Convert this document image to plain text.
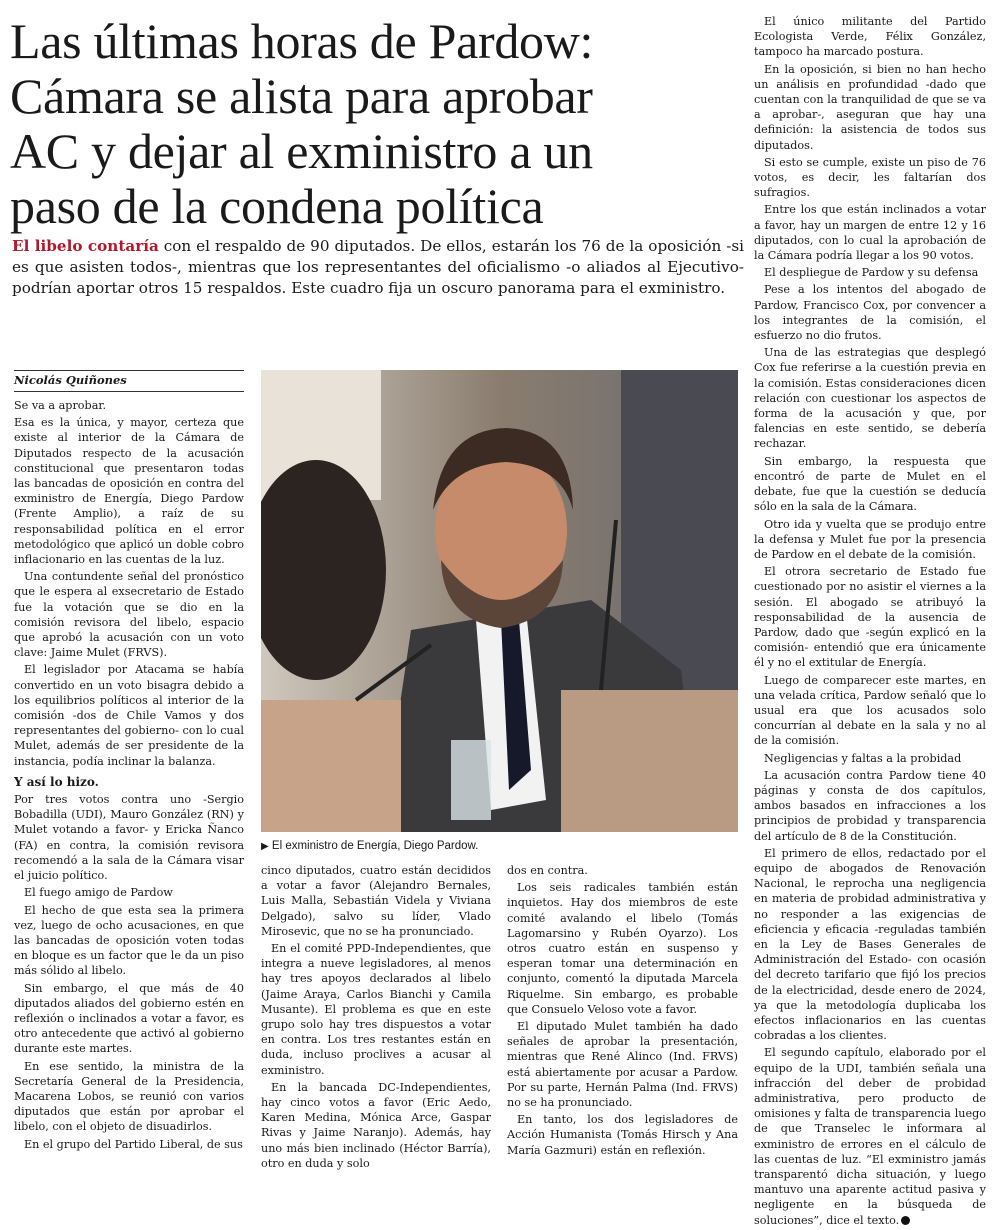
Las últimas horas de Pardow:
Cámara se alista para aprobar
AC y dejar al exministro a un
paso de la condena política

El libelo contaría con el respaldo de 90 diputados. De ellos, estarán los 76 de la oposición -si es que asisten todos-, mientras que los representantes del oficialismo -o aliados al Ejecutivo- podrían aportar otros 15 respaldos. Este cuadro fija un oscuro panorama para el exministro.

Nicolás Quiñones

Se va a aprobar.

Esa es la única, y mayor, certeza que existe al interior de la Cámara de Diputados respecto de la acusación constitucional que presentaron todas las bancadas de oposición en contra del exministro de Energía, Diego Pardow (Frente Amplio), a raíz de su responsabilidad política en el error metodológico que aplicó un doble cobro inflacionario en las cuentas de la luz.

Una contundente señal del pronóstico que le espera al exsecretario de Estado fue la votación que se dio en la comisión revisora del libelo, espacio que aprobó la acusación con un voto clave: Jaime Mulet (FRVS).

El legislador por Atacama se había convertido en un voto bisagra debido a los equilibrios políticos al interior de la comisión -dos de Chile Vamos y dos representantes del gobierno- con lo cual Mulet, además de ser presidente de la instancia, podía inclinar la balanza.

Y así lo hizo.

Por tres votos contra uno -Sergio Bobadilla (UDI), Mauro González (RN) y Mulet votando a favor- y Ericka Ñanco (FA) en contra, la comisión revisora recomendó a la sala de la Cámara visar el juicio político.

El fuego amigo de Pardow

El hecho de que esta sea la primera vez, luego de ocho acusaciones, en que las bancadas de oposición voten todas en bloque es un factor que le da un piso más sólido al libelo.

Sin embargo, el que más de 40 diputados aliados del gobierno estén en reflexión o inclinados a votar a favor, es otro antecedente que activó al gobierno durante este martes.

En ese sentido, la ministra de la Secretaría General de la Presidencia, Macarena Lobos, se reunió con varios diputados que están por aprobar el libelo, con el objeto de disuadirlos.

En el grupo del Partido Liberal, de sus

▶ El exministro de Energía, Diego Pardow.

cinco diputados, cuatro están decididos a votar a favor (Alejandro Bernales, Luis Malla, Sebastián Videla y Viviana Delgado), salvo su líder, Vlado Mirosevic, que no se ha pronunciado.

En el comité PPD-Independientes, que integra a nueve legisladores, al menos hay tres apoyos declarados al libelo (Jaime Araya, Carlos Bianchi y Camila Musante). El problema es que en este grupo solo hay tres dispuestos a votar en contra. Los tres restantes están en duda, incluso proclives a acusar al exministro.

En la bancada DC-Independientes, hay cinco votos a favor (Eric Aedo, Karen Medina, Mónica Arce, Gaspar Rivas y Jaime Naranjo). Además, hay uno más bien inclinado (Héctor Barría), otro en duda y solo

dos en contra.

Los seis radicales también están inquietos. Hay dos miembros de este comité avalando el libelo (Tomás Lagomarsino y Rubén Oyarzo). Los otros cuatro están en suspenso y esperan tomar una determinación en conjunto, comentó la diputada Marcela Riquelme. Sin embargo, es probable que Consuelo Veloso vote a favor.

El diputado Mulet también ha dado señales de aprobar la presentación, mientras que René Alinco (Ind. FRVS) está abiertamente por acusar a Pardow. Por su parte, Hernán Palma (Ind. FRVS) no se ha pronunciado.

En tanto, los dos legisladores de Acción Humanista (Tomás Hirsch y Ana María Gazmuri) están en reflexión.

El único militante del Partido Ecologista Verde, Félix González, tampoco ha marcado postura.

En la oposición, si bien no han hecho un análisis en profundidad -dado que cuentan con la tranquilidad de que se va a aprobar-, aseguran que hay una definición: la asistencia de todos sus diputados.

Si esto se cumple, existe un piso de 76 votos, es decir, les faltarían dos sufragios.

Entre los que están inclinados a votar a favor, hay un margen de entre 12 y 16 diputados, con lo cual la aprobación de la Cámara podría llegar a los 90 votos.

El despliegue de Pardow y su defensa

Pese a los intentos del abogado de Pardow, Francisco Cox, por convencer a los integrantes de la comisión, el esfuerzo no dio frutos.

Una de las estrategias que desplegó Cox fue referirse a la cuestión previa en la comisión. Estas consideraciones dicen relación con cuestionar los aspectos de forma de la acusación y que, por falencias en este sentido, se debería rechazar.

Sin embargo, la respuesta que encontró de parte de Mulet en el debate, fue que la cuestión se deducía sólo en la sala de la Cámara.

Otro ida y vuelta que se produjo entre la defensa y Mulet fue por la presencia de Pardow en el debate de la comisión.

El otrora secretario de Estado fue cuestionado por no asistir el viernes a la sesión. El abogado se atribuyó la responsabilidad de la ausencia de Pardow, dado que -según explicó en la comisión- entendió que era únicamente él y no el extitular de Energía.

Luego de comparecer este martes, en una velada crítica, Pardow señaló que lo usual era que los acusados solo concurrían al debate en la sala y no al de la comisión.

Negligencias y faltas a la probidad

La acusación contra Pardow tiene 40 páginas y consta de dos capítulos, ambos basados en infracciones a los principios de probidad y transparencia del artículo de 8 de la Constitución.

El primero de ellos, redactado por el equipo de abogados de Renovación Nacional, le reprocha una negligencia en materia de probidad administrativa y no responder a las exigencias de eficiencia y eficacia -reguladas también en la Ley de Bases Generales de Administración del Estado- con ocasión del decreto tarifario que fijó los precios de la electricidad, desde enero de 2024, ya que la metodología duplicaba los efectos inflacionarios en las cuentas cobradas a los clientes.

El segundo capítulo, elaborado por el equipo de la UDI, también señala una infracción del deber de probidad administrativa, pero producto de omisiones y falta de transparencia luego de que Transelec le informara al exministro de errores en el cálculo de las cuentas de luz. “El exministro jamás transparentó dicha situación, y luego mantuvo una aparente actitud pasiva y negligente en la búsqueda de soluciones”, dice el texto.
